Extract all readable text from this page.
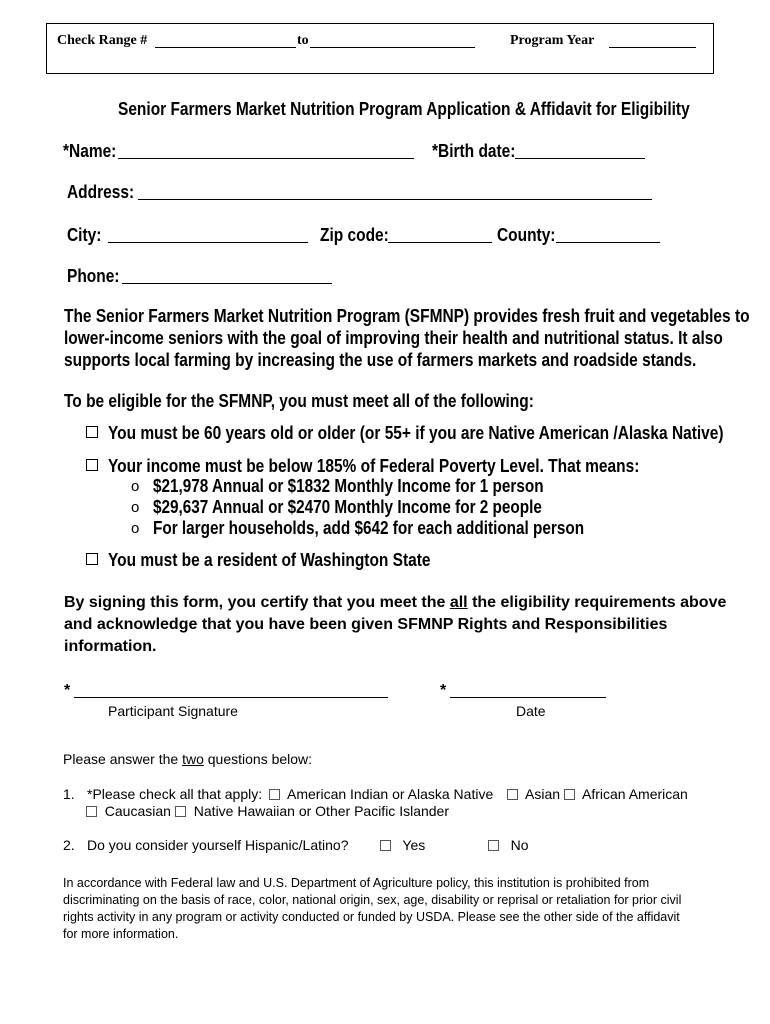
Check Range #	to	Program Year
Senior Farmers Market Nutrition Program Application & Affidavit for Eligibility
*Name:	*Birth date:
Address:
City:	Zip code:	County:
Phone:
The Senior Farmers Market Nutrition Program (SFMNP) provides fresh fruit and vegetables to
lower-income seniors with the goal of improving their health and nutritional status. It also
supports local farming by increasing the use of farmers markets and roadside stands.
To be eligible for the SFMNP, you must meet all of the following:
You must be 60 years old or older (or 55+ if you are Native American /Alaska Native)
Your income must be below 185% of Federal Poverty Level. That means:
o $21,978 Annual or $1832 Monthly Income for 1 person
o $29,637 Annual or $2470 Monthly Income for 2 people
o For larger households, add $642 for each additional person
You must be a resident of Washington State
By signing this form, you certify that you meet the all the eligibility requirements above
and acknowledge that you have been given SFMNP Rights and Responsibilities
information.
*	*
Participant Signature	Date
Please answer the two questions below:
1. *Please check all that apply:	American Indian or Alaska Native	Asian	African American
Caucasian	Native Hawaiian or Other Pacific Islander
2. Do you consider yourself Hispanic/Latino?	Yes	No
In accordance with Federal law and U.S. Department of Agriculture policy, this institution is prohibited from
discriminating on the basis of race, color, national origin, sex, age, disability or reprisal or retaliation for prior civil
rights activity in any program or activity conducted or funded by USDA. Please see the other side of the affidavit
for more information.
